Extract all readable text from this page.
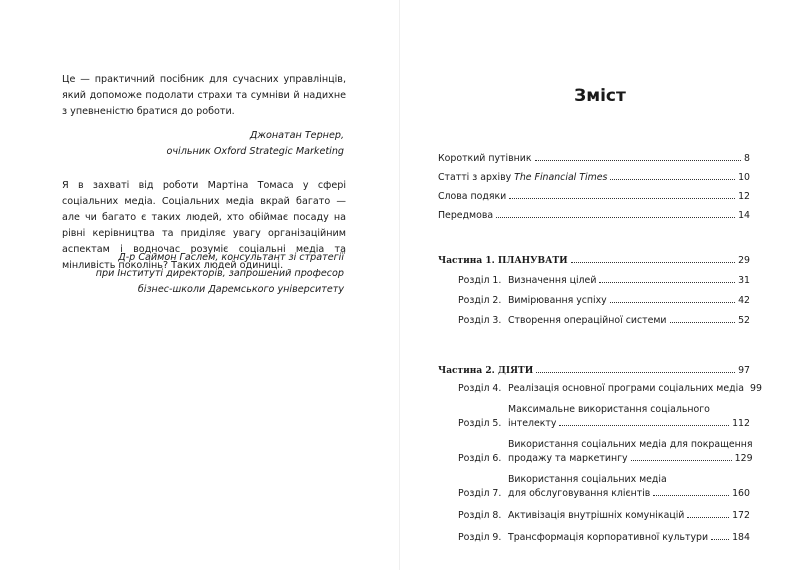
Це — практичний посібник для сучасних управлінців, який допоможе подолати страхи та сумніви й надихне з упевненістю братися до роботи.

Джонатан Тернер,
очільник Oxford Strategic Marketing

Я в захваті від роботи Мартіна Томаса у сфері соціальних медіа. Соціальних медіа вкрай багато — але чи багато є таких людей, хто обіймає посаду на рівні керівництва та приділяє увагу організаційним аспектам і водночас розуміє соціальні медіа та мінливість поколінь? Таких людей одиниці.

Д-р Саймон Гаслем, консультант зі стратегії
при Інституті директорів, запрошений професор
бізнес-школи Даремського університету
Зміст
Короткий путівник	8
Статті з архіву The Financial Times	10
Слова подяки	12
Передмова	14
Частина 1. ПЛАНУВАТИ	29
Розділ 1. Визначення цілей	31
Розділ 2. Вимірювання успіху	42
Розділ 3. Створення операційної системи	52
Частина 2. ДІЯТИ	97
Розділ 4. Реалізація основної програми соціальних медіа 99
Розділ 5.
Максимальне використання соціального
інтелекту	112
Розділ 6.
Використання соціальних медіа для покращення
продажу та маркетингу	129
Розділ 7.
Використання соціальних медіа
для обслуговування клієнтів	160
Розділ 8. Активізація внутрішніх комунікацій	172
Розділ 9. Трансформація корпоративної культури	184
